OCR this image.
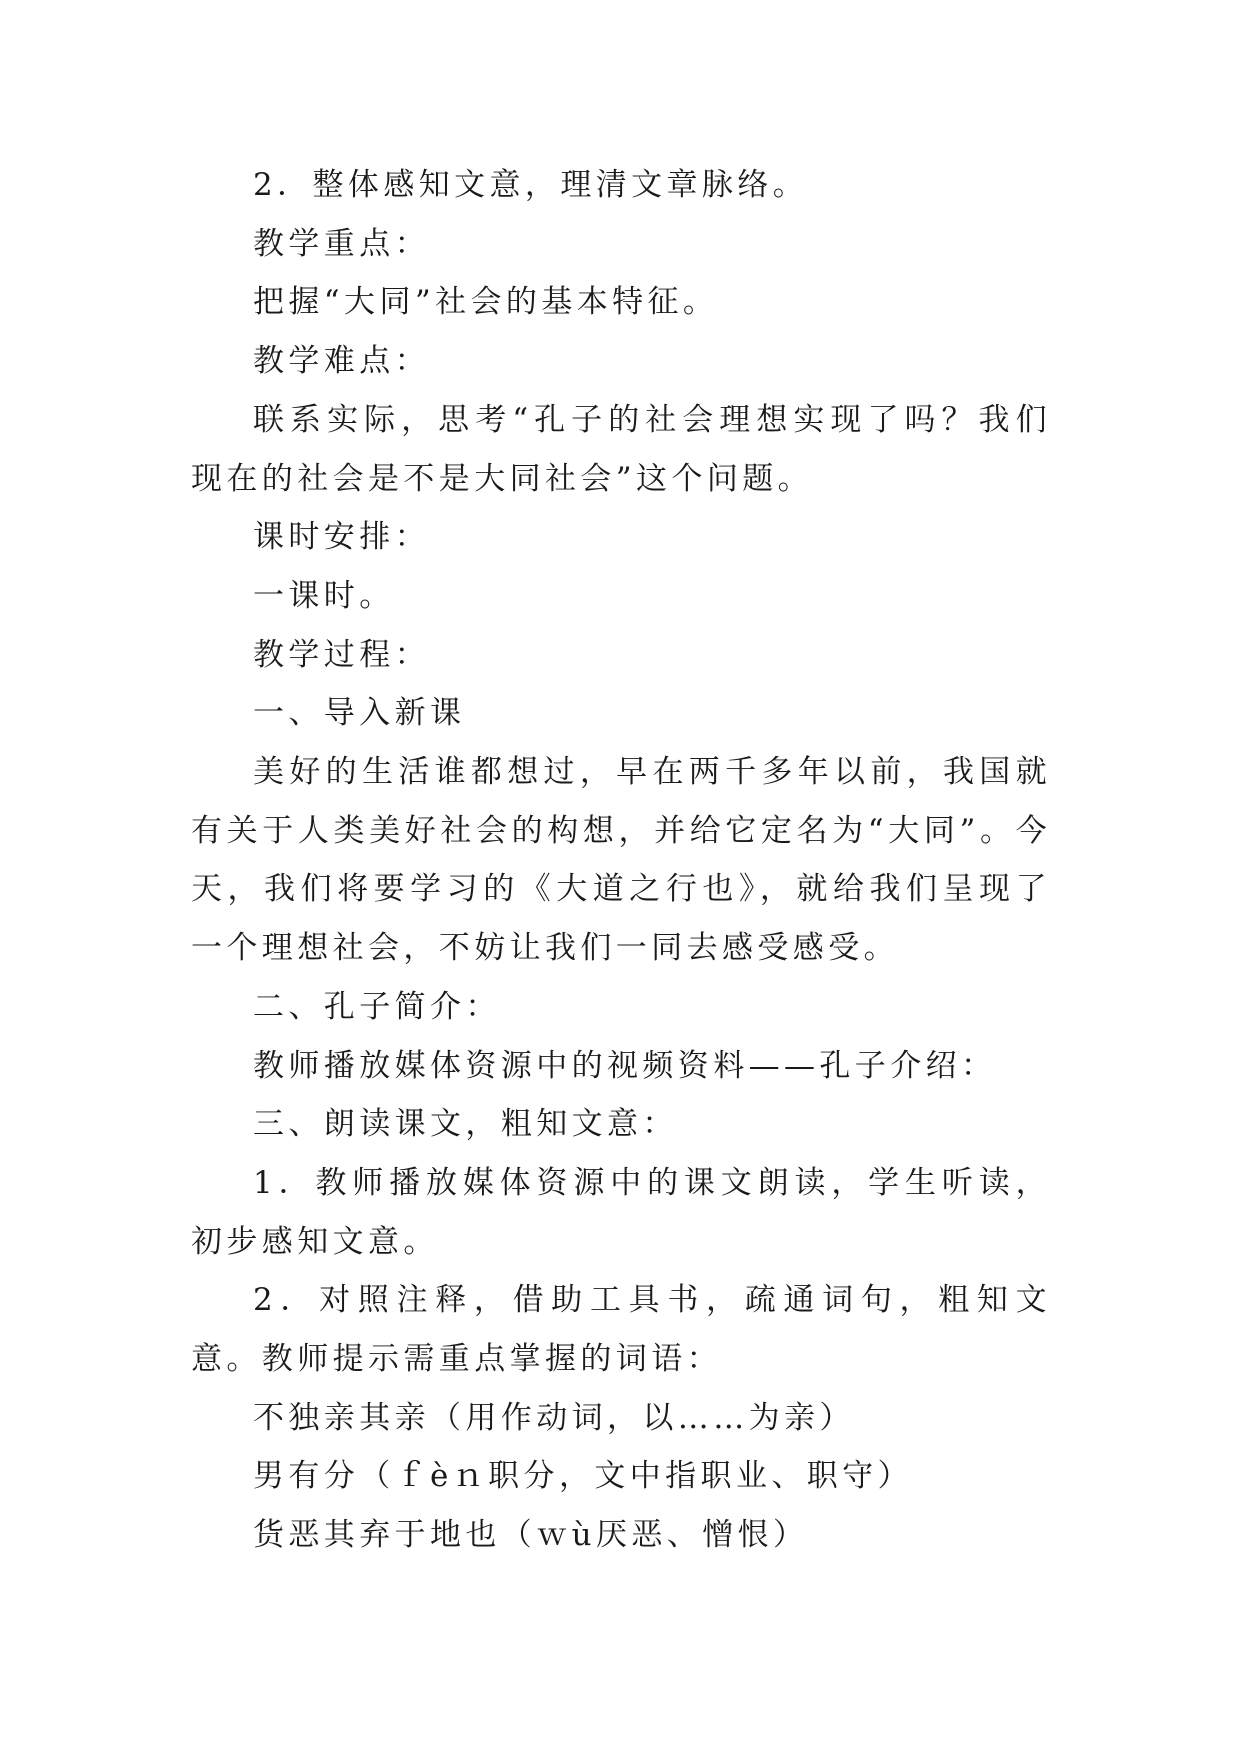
2．整体感知文意，理清文章脉络。

教学重点：

把握“大同”社会的基本特征。

教学难点：

联系实际，思考“孔子的社会理想实现了吗？我们现在的社会是不是大同社会”这个问题。

课时安排：

一课时。

教学过程：

一、导入新课

美好的生活谁都想过，早在两千多年以前，我国就有关于人类美好社会的构想，并给它定名为“大同”。今天，我们将要学习的《大道之行也》，就给我们呈现了一个理想社会，不妨让我们一同去感受感受。

二、孔子简介：

教师播放媒体资源中的视频资料——孔子介绍：

三、朗读课文，粗知文意：

1．教师播放媒体资源中的课文朗读，学生听读，初步感知文意。

2．对照注释，借助工具书，疏通词句，粗知文意。教师提示需重点掌握的词语：

不独亲其亲（用作动词，以……为亲）

男有分（ｆèｎ职分，文中指职业、职守）

货恶其弃于地也（ｗù厌恶、憎恨）
